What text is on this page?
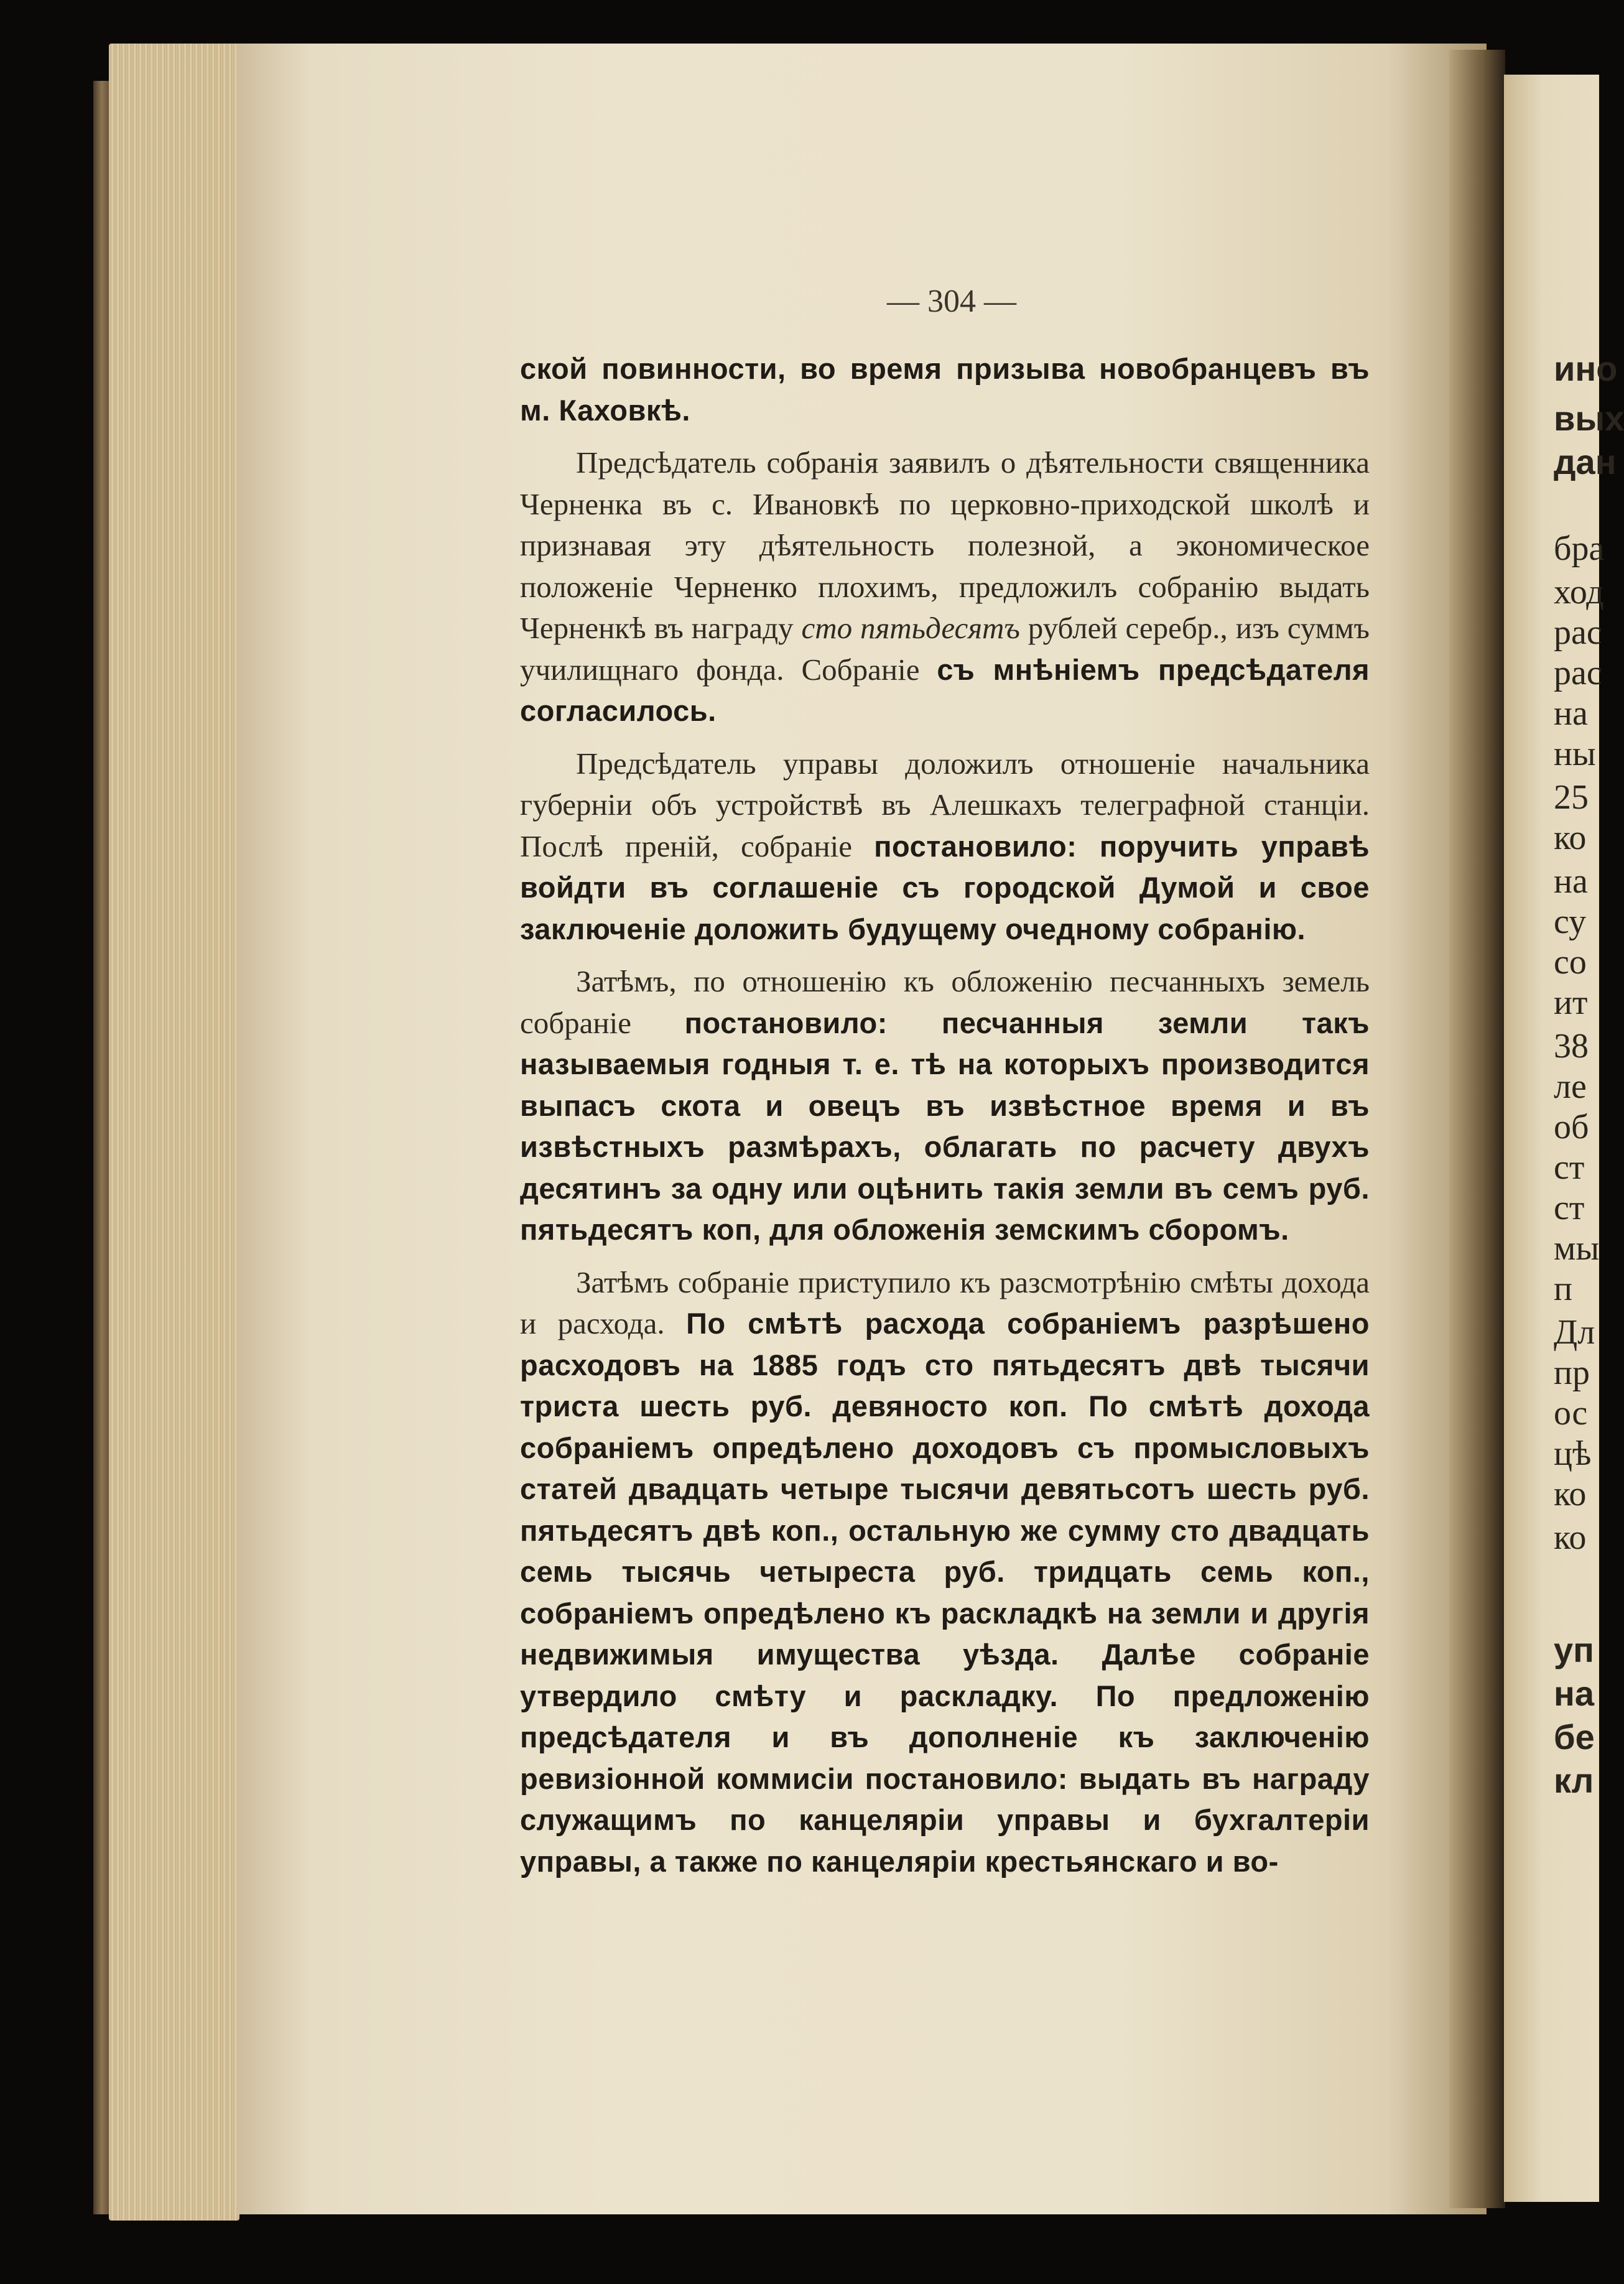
ино
вых
дан
бра
ход
рас
рас
на
ны
25
ко
на
су
со
ит
38
ле
об
ст
ст
мы
п
Дл
пр
ос
цѣ
ко
ко
уп
на
бе
кл
— 304 —

ской повинности, во время призыва новобранцевъ въ м. Каховкѣ.

Предсѣдатель собранія заявилъ о дѣятельности священника Черненка въ с. Ивановкѣ по церковно-приходской школѣ и признавая эту дѣятельность полезной, а экономическое положеніе Черненко плохимъ, предложилъ собранію выдать Черненкѣ въ награду сто пятьдесятъ рублей серебр., изъ суммъ училищнаго фонда. Собраніе съ мнѣніемъ предсѣдателя согласилось.

Предсѣдатель управы доложилъ отношеніе начальника губерніи объ устройствѣ въ Алешкахъ телеграфной станціи. Послѣ преній, собраніе постановило: поручить управѣ войдти въ соглашеніе съ городской Думой и свое заключеніе доложить будущему очедному собранію.

Затѣмъ, по отношенію къ обложенію песчанныхъ земель собраніе постановило: песчанныя земли такъ называемыя годныя т. е. тѣ на которыхъ производится выпасъ скота и овецъ въ извѣстное время и въ извѣстныхъ размѣрахъ, облагать по расчету двухъ десятинъ за одну или оцѣнить такія земли въ семъ руб. пятьдесятъ коп, для обложенія земскимъ сборомъ.

Затѣмъ собраніе приступило къ разсмотрѣнію смѣты дохода и расхода. По смѣтѣ расхода собраніемъ разрѣшено расходовъ на 1885 годъ сто пятьдесятъ двѣ тысячи триста шесть руб. девяносто коп. По смѣтѣ дохода собраніемъ опредѣлено доходовъ съ промысловыхъ статей двадцать четыре тысячи девятьсотъ шесть руб. пятьдесятъ двѣ коп., остальную же сумму сто двадцать семь тысячь четыреста руб. тридцать семь коп., собраніемъ опредѣлено къ раскладкѣ на земли и другія недвижимыя имущества уѣзда. Далѣе собраніе утвердило смѣту и раскладку. По предложенію предсѣдателя и въ дополненіе къ заключенію ревизіонной коммисіи постановило: выдать въ награду служащимъ по канцеляріи управы и бухгалтеріи управы, а также по канцеляріи крестьянскаго и во-
